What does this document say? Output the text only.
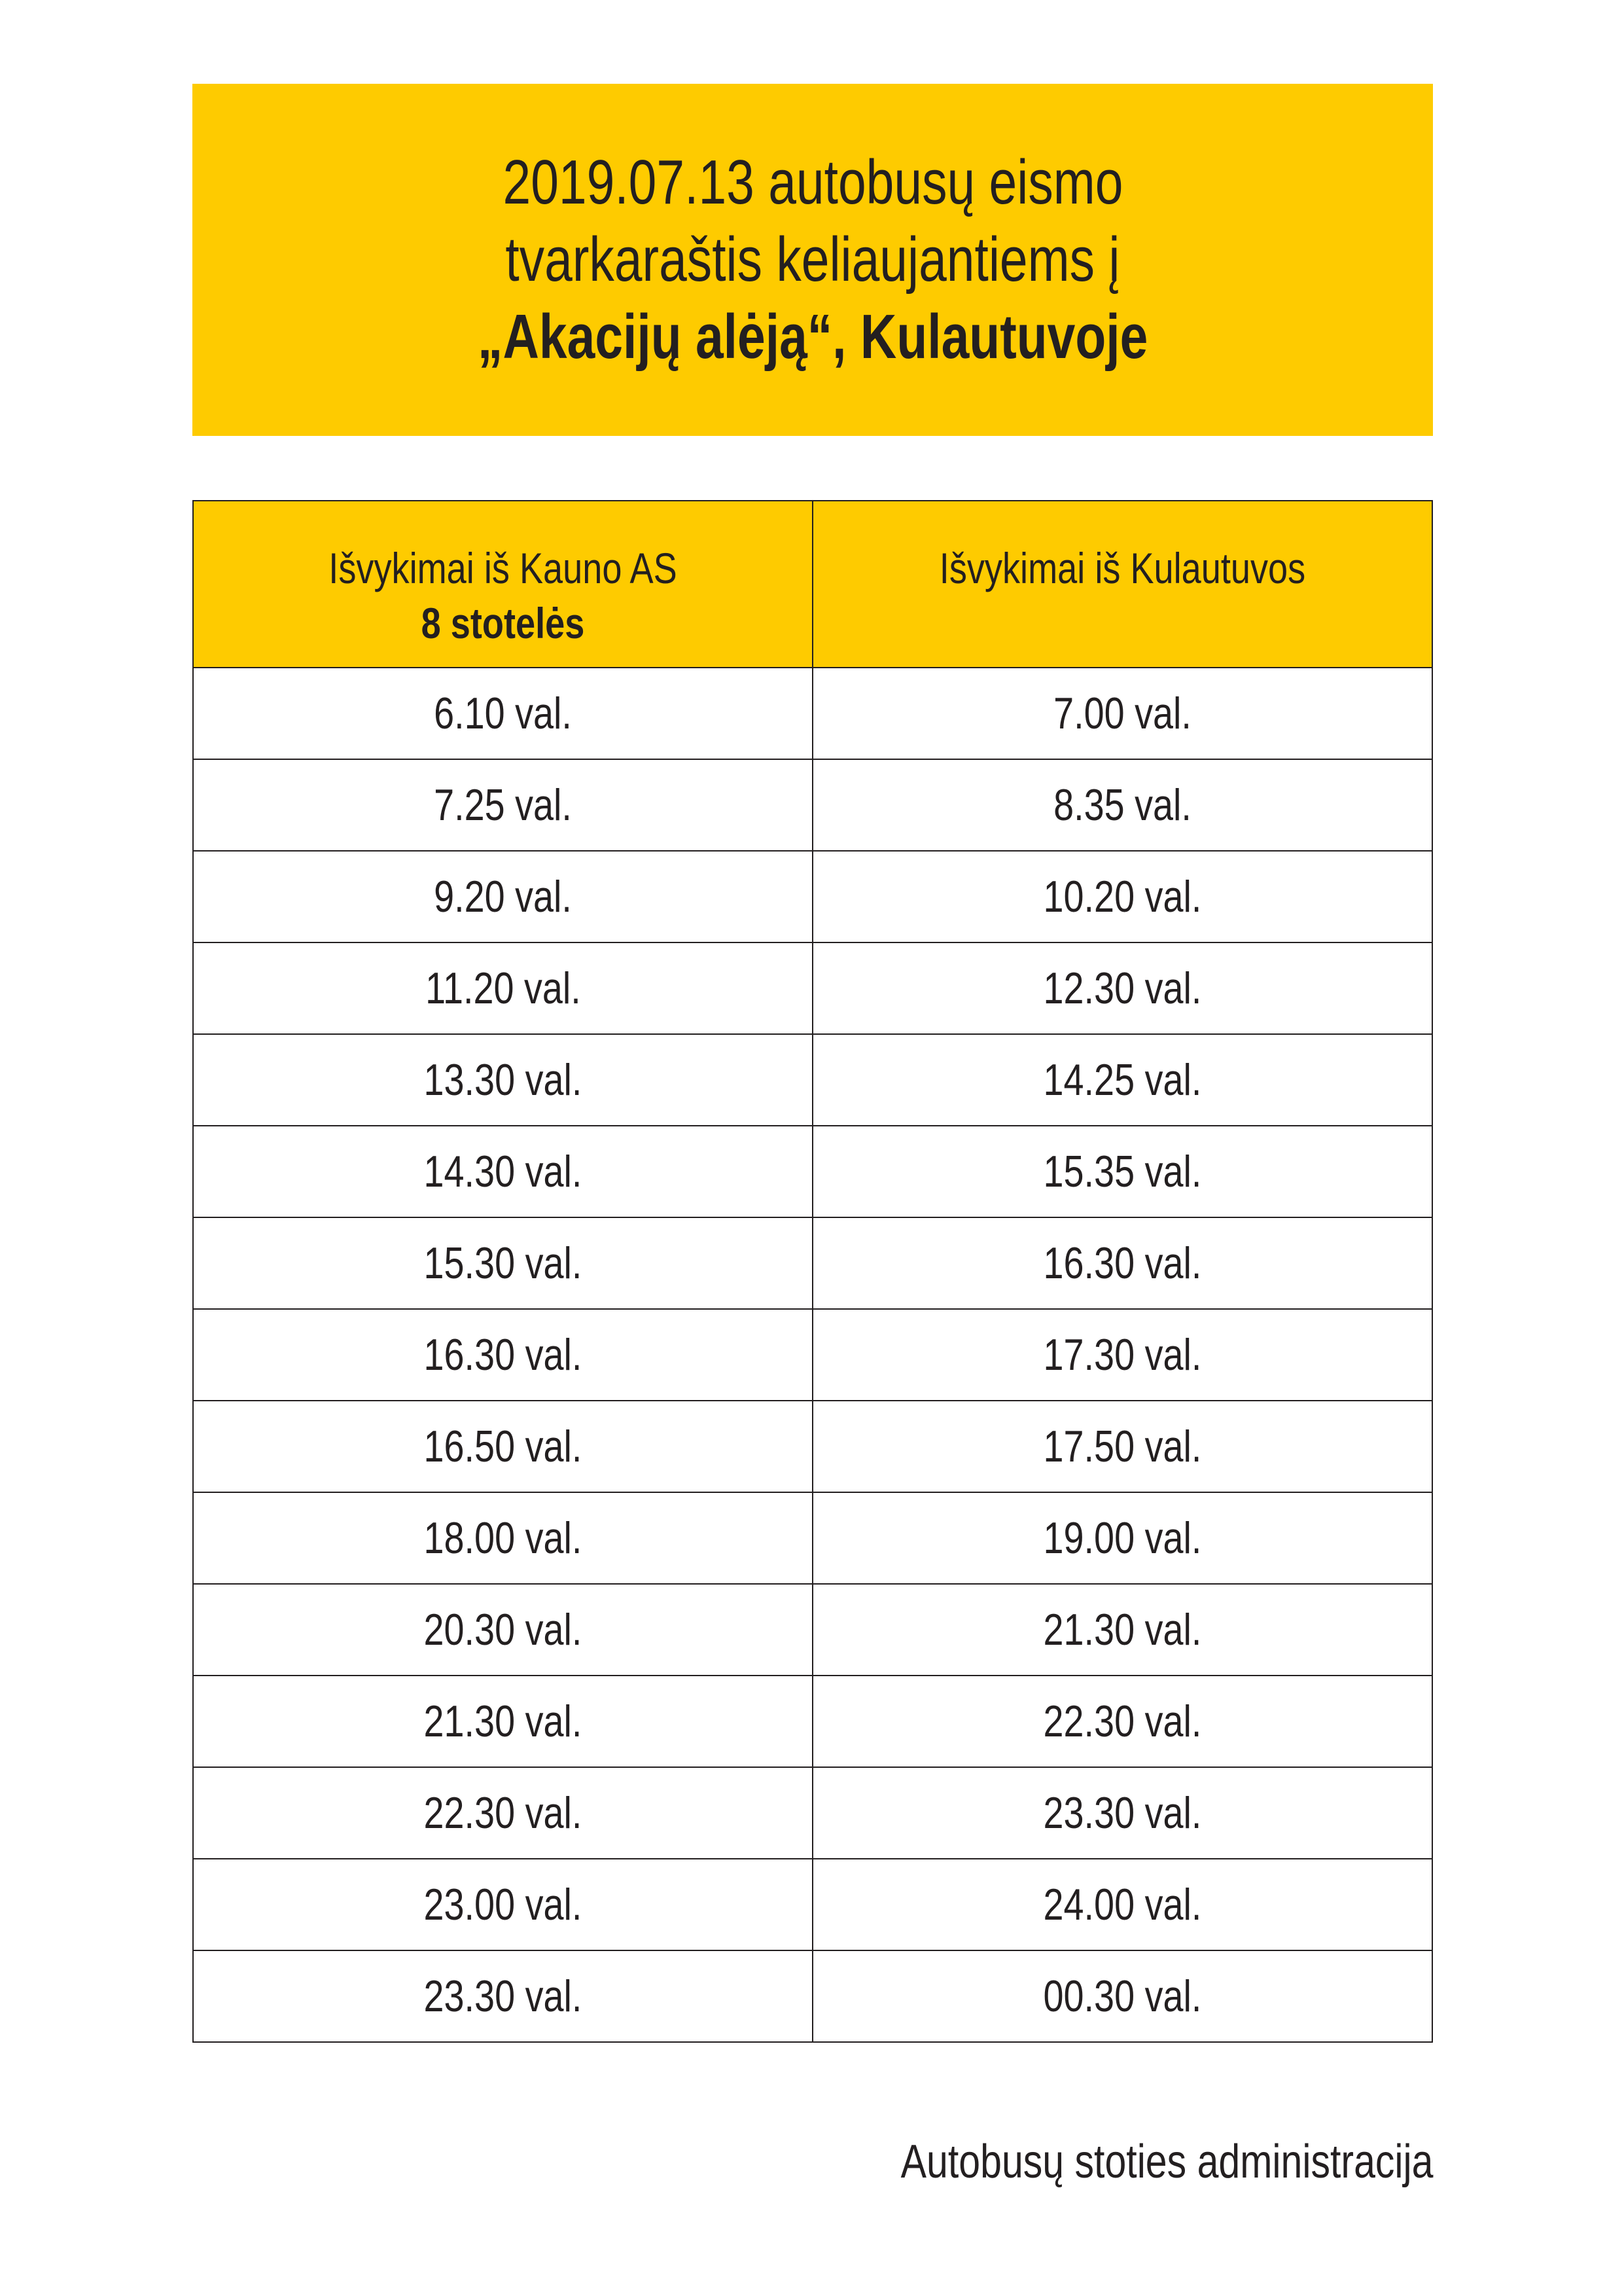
2019.07.13 autobusų eismo
tvarkaraštis keliaujantiems į
„Akacijų alėją“, Kulautuvoje
Išvykimai iš Kauno AS
8 stotelės	Išvykimai iš Kulautuvos

6.10 val.	7.00 val.
7.25 val.	8.35 val.
9.20 val.	10.20 val.
11.20 val.	12.30 val.
13.30 val.	14.25 val.
14.30 val.	15.35 val.
15.30 val.	16.30 val.
16.30 val.	17.30 val.
16.50 val.	17.50 val.
18.00 val.	19.00 val.
20.30 val.	21.30 val.
21.30 val.	22.30 val.
22.30 val.	23.30 val.
23.00 val.	24.00 val.
23.30 val.	00.30 val.
Autobusų stoties administracija
